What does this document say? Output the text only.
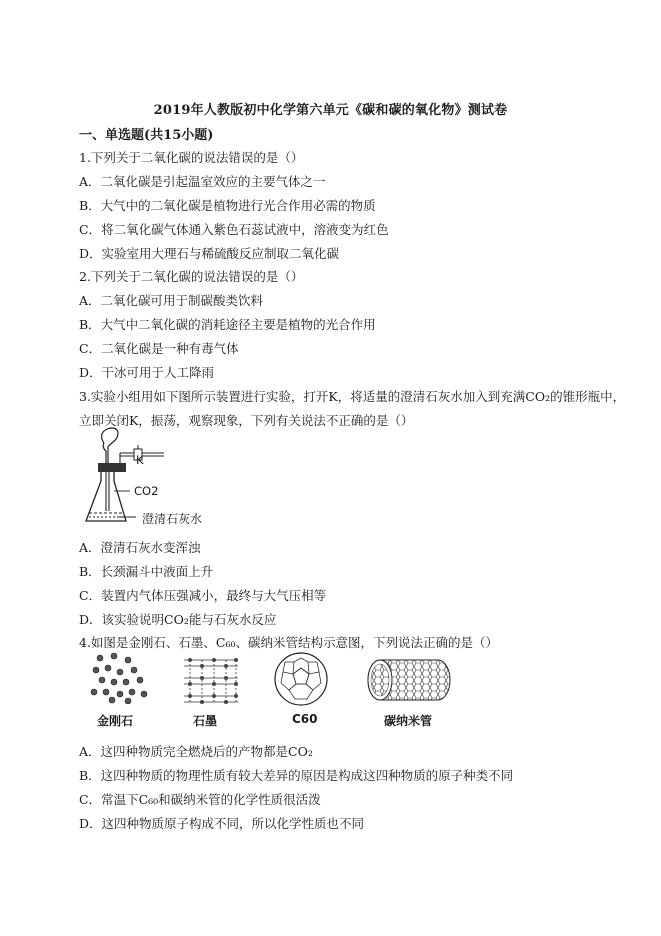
2019年人教版初中化学第六单元《碳和碳的氧化物》测试卷
一、单选题(共15小题)
1.下列关于二氧化碳的说法错误的是（）
A．二氧化碳是引起温室效应的主要气体之一
B．大气中的二氧化碳是植物进行光合作用必需的物质
C．将二氧化碳气体通入紫色石蕊试液中，溶液变为红色
D．实验室用大理石与稀硫酸反应制取二氧化碳
2.下列关于二氧化碳的说法错误的是（）
A．二氧化碳可用于制碳酸类饮料
B．大气中二氧化碳的消耗途径主要是植物的光合作用
C．二氧化碳是一种有毒气体
D．干冰可用于人工降雨
3.实验小组用如下图所示装置进行实验，打开K，将适量的澄清石灰水加入到充满CO₂的锥形瓶中，
立即关闭K，振荡，观察现象，下列有关说法不正确的是（）
K
CO2
澄清石灰水
A．澄清石灰水变浑浊
B．长颈漏斗中液面上升
C．装置内气体压强减小，最终与大气压相等
D．该实验说明CO₂能与石灰水反应
4.如图是金刚石、石墨、C₆₀、碳纳米管结构示意图，下列说法正确的是（）
金刚石	石墨	C60	碳纳米管
A．这四种物质完全燃烧后的产物都是CO₂
B．这四种物质的物理性质有较大差异的原因是构成这四种物质的原子种类不同
C．常温下C₆₀和碳纳米管的化学性质很活泼
D．这四种物质原子构成不同，所以化学性质也不同
